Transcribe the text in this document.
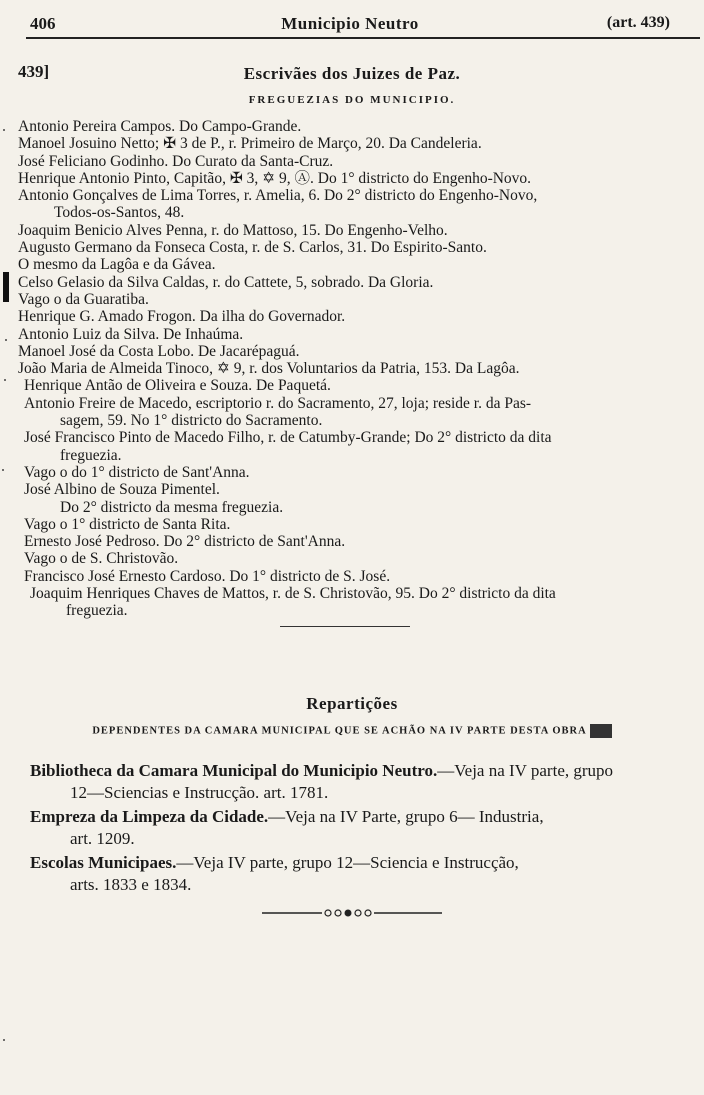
406	Municipio Neutro	(art. 439)
439]	Escrivães dos Juizes de Paz.
FREGUEZIAS DO MUNICIPIO.
Antonio Pereira Campos. Do Campo-Grande.
Manoel Josuino Netto; ✠ 3 de P., r. Primeiro de Março, 20. Da Candeleria.
José Feliciano Godinho. Do Curato da Santa-Cruz.
Henrique Antonio Pinto, Capitão, ✠ 3, ✡ 9, Ⓐ. Do 1° districto do Engenho-Novo.
Antonio Gonçalves de Lima Torres, r. Amelia, 6. Do 2° districto do Engenho-Novo,
Todos-os-Santos, 48.
Joaquim Benicio Alves Penna, r. do Mattoso, 15. Do Engenho-Velho.
Augusto Germano da Fonseca Costa, r. de S. Carlos, 31. Do Espirito-Santo.
O mesmo da Lagôa e da Gávea.
Celso Gelasio da Silva Caldas, r. do Cattete, 5, sobrado. Da Gloria.
Vago o da Guaratiba.
Henrique G. Amado Frogon. Da ilha do Governador.
Antonio Luiz da Silva. De Inhaúma.
Manoel José da Costa Lobo. De Jacarépaguá.
João Maria de Almeida Tinoco, ✡ 9, r. dos Voluntarios da Patria, 153. Da Lagôa.
Henrique Antão de Oliveira e Souza. De Paquetá.
Antonio Freire de Macedo, escriptorio r. do Sacramento, 27, loja; reside r. da Pas-
sagem, 59. No 1° districto do Sacramento.
José Francisco Pinto de Macedo Filho, r. de Catumby-Grande; Do 2° districto da dita
freguezia.
Vago o do 1° districto de Sant'Anna.
José Albino de Souza Pimentel.
Do 2° districto da mesma freguezia.
Vago o 1° districto de Santa Rita.
Ernesto José Pedroso. Do 2° districto de Sant'Anna.
Vago o de S. Christovão.
Francisco José Ernesto Cardoso. Do 1° districto de S. José.
Joaquim Henriques Chaves de Mattos, r. de S. Christovão, 95. Do 2° districto da dita
freguezia.
Repartições
DEPENDENTES DA CAMARA MUNICIPAL QUE SE ACHÃO NA IV PARTE DESTA OBRA
Bibliotheca da Camara Municipal do Municipio Neutro.—Veja na IV parte, grupo
12—Sciencias e Instrucção. art. 1781.
Empreza da Limpeza da Cidade.—Veja na IV Parte, grupo 6— Industria,
art. 1209.
Escolas Municipaes.—Veja IV parte, grupo 12—Sciencia e Instrucção,
arts. 1833 e 1834.
